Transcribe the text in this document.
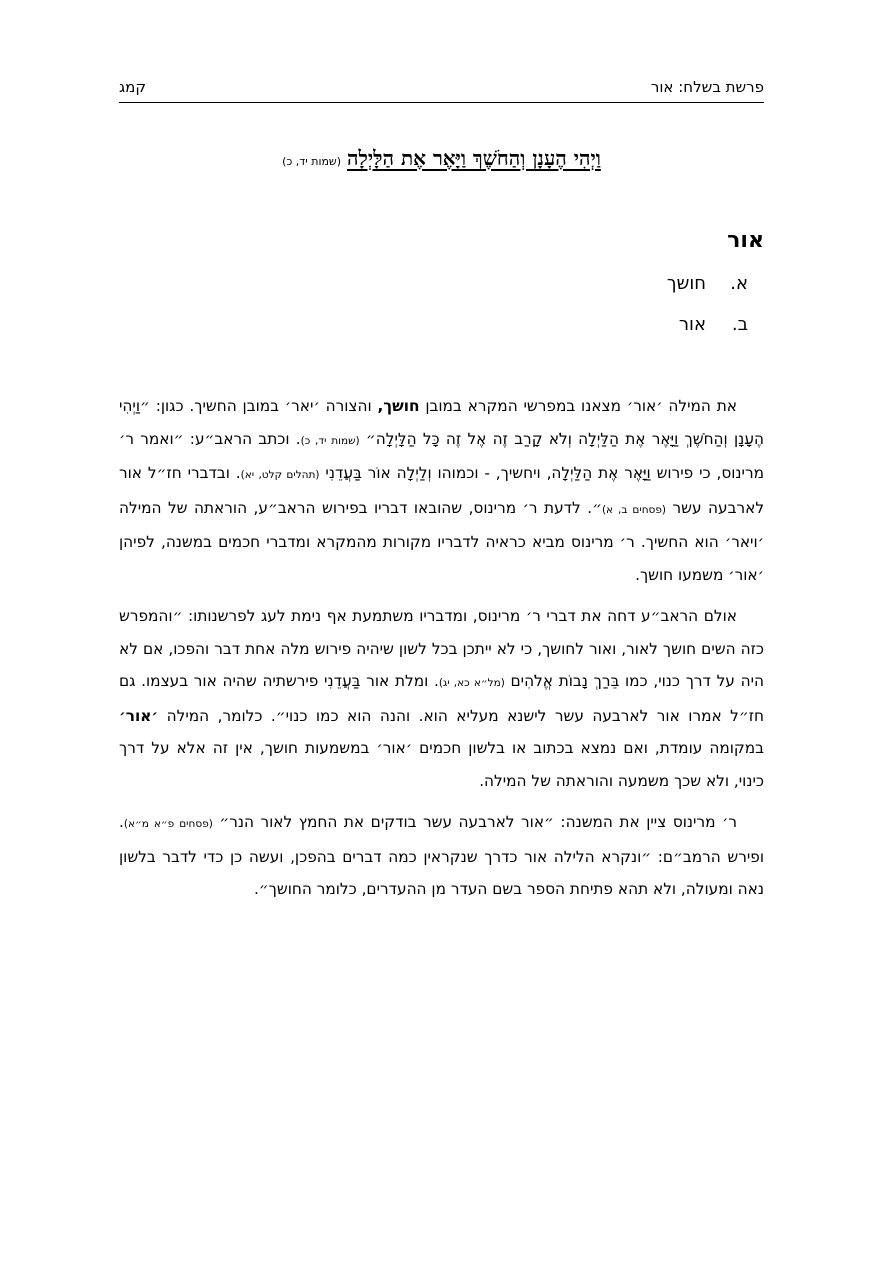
פרשת בשלח: אור
קמג
וַיְהִי הֶעָנָן וְהַחֹשֶׁךְ וַיָּאֶר אֶת הַלָּיְלָה(שמות יד, כ)
אור
א.חושך
ב.אור

את המילה ׳אור׳ מצאנו במפרשי המקרא במובן חושך, והצורה ׳יאר׳ במובן החשיך. כגון: ״וַיְהִי הֶעָנָן וְהַחֹשֶׁךְ וַיָּאֶר אֶת הַלַּיְלָה וְלֹא קָרַב זֶה אֶל זֶה כָּל הַלָּיְלָה״ (שמות יד, כ). וכתב הראב״ע: ״ואמר ר׳ מרינוס, כי פירוש וַיָּאֶר אֶת הַלַּיְלָה, ויחשיך, - וכמוהו וְלַיְלָה אוֹר בַּעֲדֵנִי (תהלים קלט, יא). ובדברי חז״ל אור לארבעה עשר (פסחים ב, א)״. לדעת ר׳ מרינוס, שהובאו דבריו בפירוש הראב״ע, הוראתה של המילה ׳ויאר׳ הוא החשיך. ר׳ מרינוס מביא כראיה לדבריו מקורות מהמקרא ומדברי חכמים במשנה, לפיהן ׳אור׳ משמעו חושך.

אולם הראב״ע דחה את דברי ר׳ מרינוס, ומדבריו משתמעת אף נימת לעג לפרשנותו: ״והמפרש כזה השים חושך לאור, ואור לחושך, כי לא ייתכן בכל לשון שיהיה פירוש מלה אחת דבר והפכו, אם לא היה על דרך כנוי, כמו בֵּרַךְ נָבוֹת אֱלֹהִים (מל״א כא, יג). ומלת אור בַּעֲדֵנִי פירשתיה שהיה אור בעצמו. גם חז״ל אמרו אור לארבעה עשר לישנא מעליא הוא. והנה הוא כמו כנוי״. כלומר, המילה ׳אור׳ במקומה עומדת, ואם נמצא בכתוב או בלשון חכמים ׳אור׳ במשמעות חושך, אין זה אלא על דרך כינוי, ולא שכך משמעה והוראתה של המילה.

ר׳ מרינוס ציין את המשנה: ״אור לארבעה עשר בודקים את החמץ לאור הנר״ (פסחים פ״א מ״א). ופירש הרמב״ם: ״ונקרא הלילה אור כדרך שנקראין כמה דברים בהפכן, ועשה כן כדי לדבר בלשון נאה ומעולה, ולא תהא פתיחת הספר בשם העדר מן ההעדרים, כלומר החושך״.
